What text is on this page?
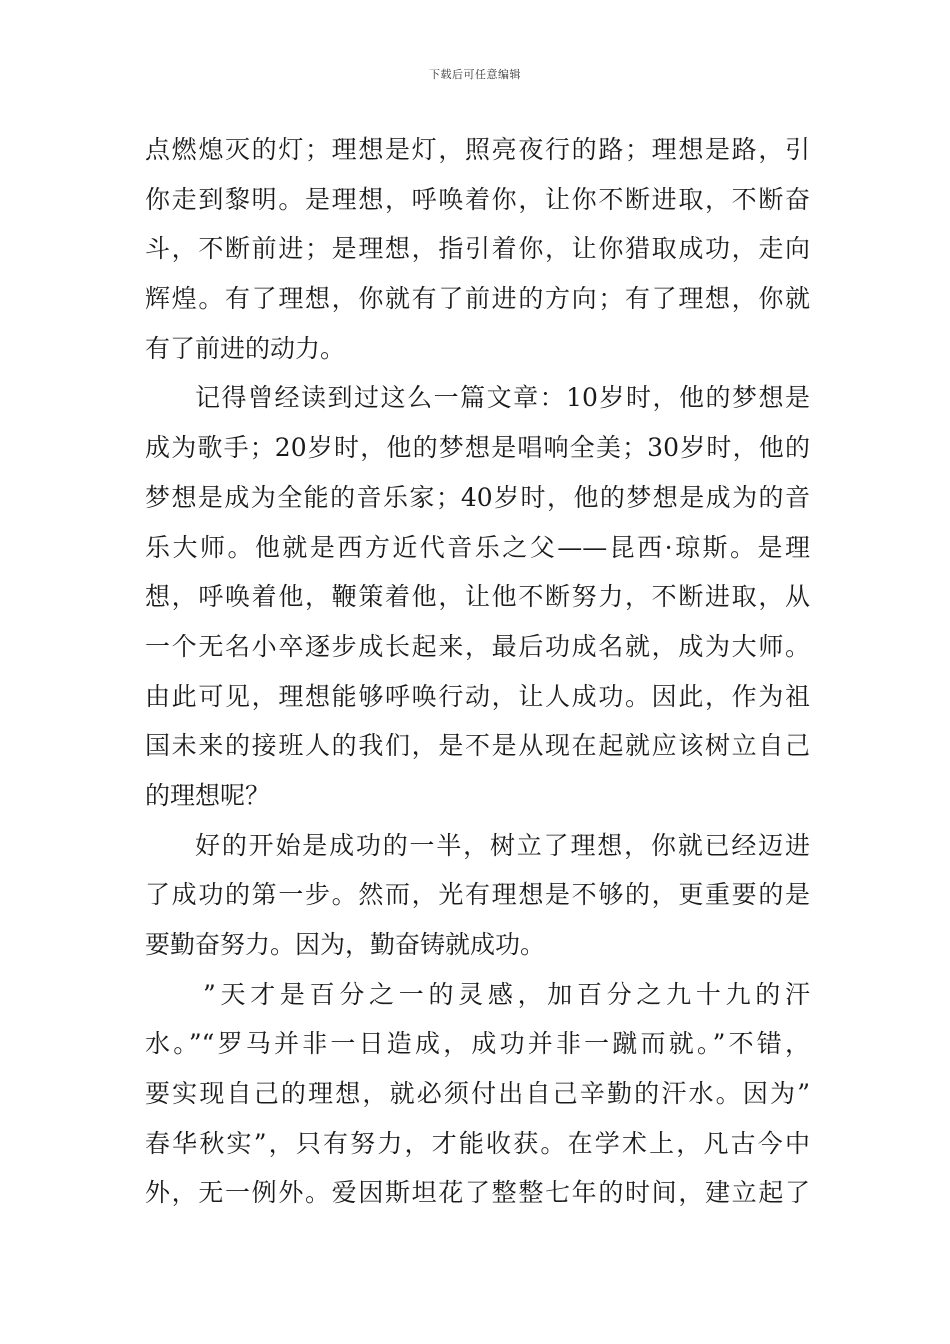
下载后可任意编辑
点燃熄灭的灯；理想是灯，照亮夜行的路；理想是路，引
你走到黎明。是理想，呼唤着你，让你不断进取，不断奋
斗，不断前进；是理想，指引着你，让你猎取成功，走向
辉煌。有了理想，你就有了前进的方向；有了理想，你就
有了前进的动力。
记得曾经读到过这么一篇文章：10岁时，他的梦想是
成为歌手；20岁时，他的梦想是唱响全美；30岁时，他的
梦想是成为全能的音乐家；40岁时，他的梦想是成为的音
乐大师。他就是西方近代音乐之父——昆西·琼斯。是理
想，呼唤着他，鞭策着他，让他不断努力，不断进取，从
一个无名小卒逐步成长起来，最后功成名就，成为大师。
由此可见，理想能够呼唤行动，让人成功。因此，作为祖
国未来的接班人的我们，是不是从现在起就应该树立自己
的理想呢？
好的开始是成功的一半，树立了理想，你就已经迈进
了成功的第一步。然而，光有理想是不够的，更重要的是
要勤奋努力。因为，勤奋铸就成功。
”天才是百分之一的灵感，加百分之九十九的汗
水。”“罗马并非一日造成，成功并非一蹴而就。”不错，
要实现自己的理想，就必须付出自己辛勤的汗水。因为”
春华秋实”，只有努力，才能收获。在学术上，凡古今中
外，无一例外。爱因斯坦花了整整七年的时间，建立起了
